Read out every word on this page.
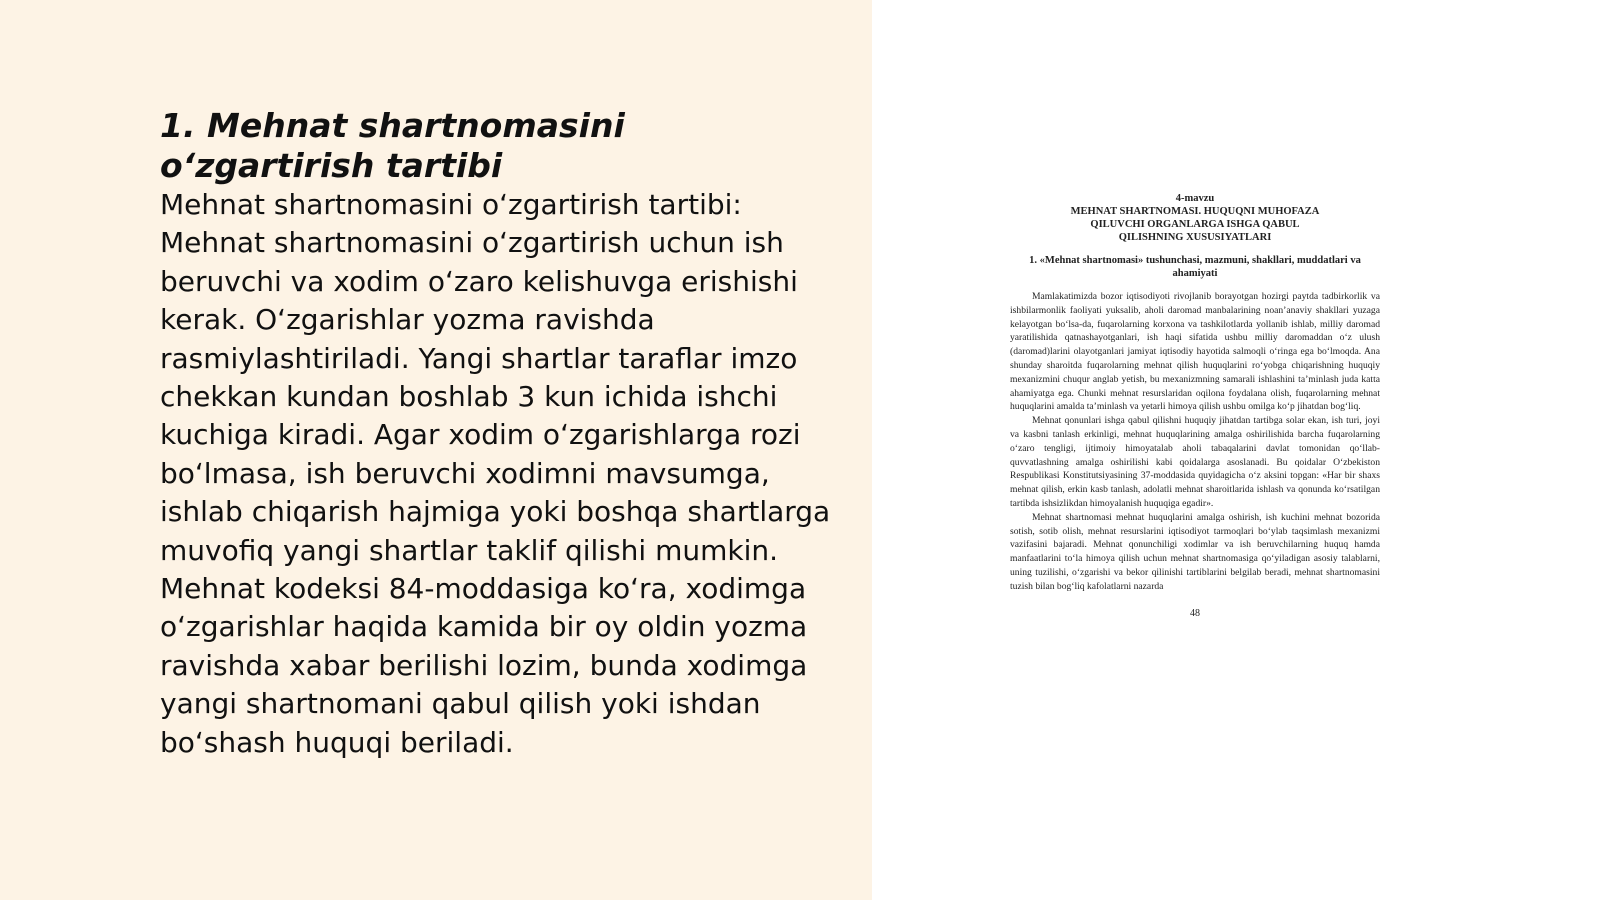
1. Mehnat shartnomasini oʻzgartirish tartibi

Mehnat shartnomasini oʻzgartirish tartibi: Mehnat shartnomasini oʻzgartirish uchun ish beruvchi va xodim oʻzaro kelishuvga erishishi kerak. Oʻzgarishlar yozma ravishda rasmiylashtiriladi. Yangi shartlar taraflar imzo chekkan kundan boshlab 3 kun ichida ishchi kuchiga kiradi. Agar xodim oʻzgarishlarga rozi boʻlmasa, ish beruvchi xodimni mavsumga, ishlab chiqarish hajmiga yoki boshqa shartlarga muvofiq yangi shartlar taklif qilishi mumkin. Mehnat kodeksi 84-moddasiga koʻra, xodimga oʻzgarishlar haqida kamida bir oy oldin yozma ravishda xabar berilishi lozim, bunda xodimga yangi shartnomani qabul qilish yoki ishdan boʻshash huquqi beriladi.

4-mavzu
MEHNAT SHARTNOMASI. HUQUQNI MUHOFAZA
QILUVCHI ORGANLARGA ISHGA QABUL
QILISHNING XUSUSIYATLARI
1. «Mehnat shartnomasi» tushunchasi, mazmuni, shakllari, muddatlari va ahamiyati

Mamlakatimizda bozor iqtisodiyoti rivojlanib borayotgan hozirgi paytda tadbirkorlik va ishbilarmonlik faoliyati yuksalib, aholi daromad manbalarining noanʼanaviy shakllari yuzaga kelayotgan boʻlsa-da, fuqarolarning korxona va tashkilotlarda yollanib ishlab, milliy daromad yaratilishida qatnashayotganlari, ish haqi sifatida ushbu milliy daromaddan oʻz ulush (daromad)larini olayotganlari jamiyat iqtisodiy hayotida salmoqli oʻringa ega boʻlmoqda. Ana shunday sharoitda fuqarolarning mehnat qilish huquqlarini roʻyobga chiqarishning huquqiy mexanizmini chuqur anglab yetish, bu mexanizmning samarali ishlashini taʼminlash juda katta ahamiyatga ega. Chunki mehnat resurslaridan oqilona foydalana olish, fuqarolarning mehnat huquqlarini amalda taʼminlash va yetarli himoya qilish ushbu omilga koʻp jihatdan bogʻliq.

Mehnat qonunlari ishga qabul qilishni huquqiy jihatdan tartibga solar ekan, ish turi, joyi va kasbni tanlash erkinligi, mehnat huquqlarining amalga oshirilishida barcha fuqarolarning oʻzaro tengligi, ijtimoiy himoyatalab aholi tabaqalarini davlat tomonidan qoʻllab-quvvatlashning amalga oshirilishi kabi qoidalarga asoslanadi. Bu qoidalar Oʻzbekiston Respublikasi Konstitutsiyasining 37-moddasida quyidagicha oʻz aksini topgan: «Har bir shaxs mehnat qilish, erkin kasb tanlash, adolatli mehnat sharoitlarida ishlash va qonunda koʻrsatilgan tartibda ishsizlikdan himoyalanish huquqiga egadir».

Mehnat shartnomasi mehnat huquqlarini amalga oshirish, ish kuchini mehnat bozorida sotish, sotib olish, mehnat resurslarini iqtisodiyot tarmoqlari boʻylab taqsimlash mexanizmi vazifasini bajaradi. Mehnat qonunchiligi xodimlar va ish beruvchilarning huquq hamda manfaatlarini toʻla himoya qilish uchun mehnat shartnomasiga qoʻyiladigan asosiy talablarni, uning tuzilishi, oʻzgarishi va bekor qilinishi tartiblarini belgilab beradi, mehnat shartnomasini tuzish bilan bogʻliq kafolatlarni nazarda

48
